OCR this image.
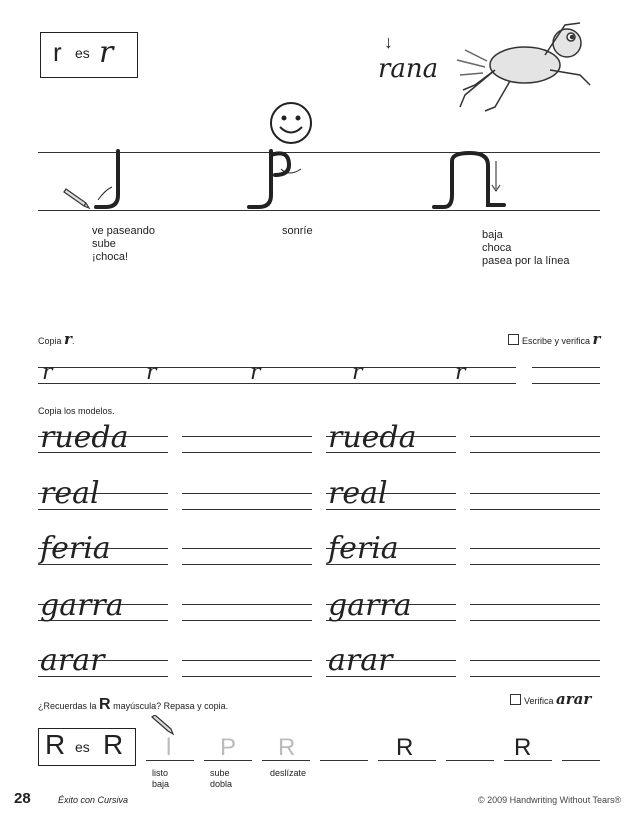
r es r	↓
rana
ve paseando
sube
¡choca!
sonríe	baja
choca
pasea por la línea
Copia r.	Escribe y verifica r
r	r	r	r	r
Copia los modelos.
rueda	rueda
real	real
feria	feria
garra	garra
arar	arar
¿Recuerdas la R mayúscula? Repasa y copia.	Verifica arar
R es R l P R	R	R
listo
baja
sube
dobla
deslízate
28	Éxito con Cursiva	© 2009 Handwriting Without Tears®
